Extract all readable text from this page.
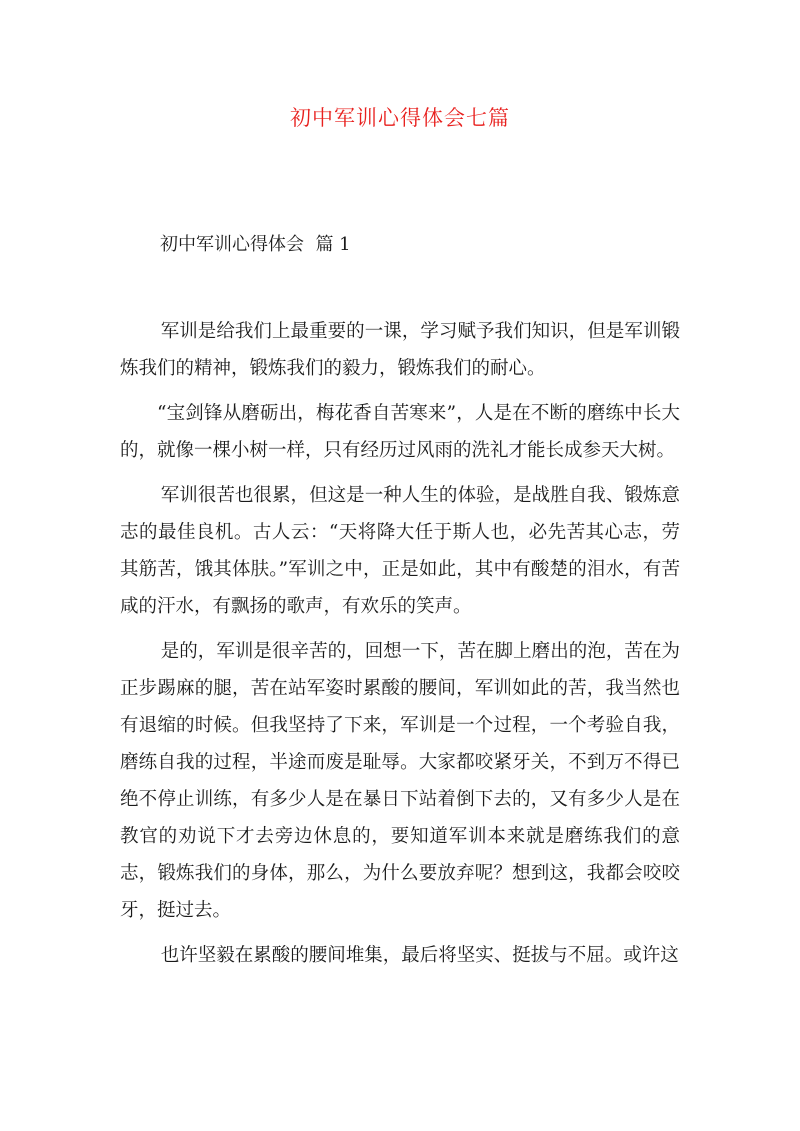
初中军训心得体会七篇
初中军训心得体会  篇 1

军训是给我们上最重要的一课，学习赋予我们知识，但是军训锻炼我们的精神，锻炼我们的毅力，锻炼我们的耐心。

“宝剑锋从磨砺出，梅花香自苦寒来”，人是在不断的磨练中长大的，就像一棵小树一样，只有经历过风雨的洗礼才能长成参天大树。

军训很苦也很累，但这是一种人生的体验，是战胜自我、锻炼意志的最佳良机。古人云：“天将降大任于斯人也，必先苦其心志，劳其筋苦，饿其体肤。”军训之中，正是如此，其中有酸楚的泪水，有苦咸的汗水，有飘扬的歌声，有欢乐的笑声。

是的，军训是很辛苦的，回想一下，苦在脚上磨出的泡，苦在为正步踢麻的腿，苦在站军姿时累酸的腰间，军训如此的苦，我当然也有退缩的时候。但我坚持了下来，军训是一个过程，一个考验自我，磨练自我的过程，半途而废是耻辱。大家都咬紧牙关，不到万不得已绝不停止训练，有多少人是在暴日下站着倒下去的，又有多少人是在教官的劝说下才去旁边休息的，要知道军训本来就是磨练我们的意志，锻炼我们的身体，那么，为什么要放弃呢？想到这，我都会咬咬牙，挺过去。

也许坚毅在累酸的腰间堆集，最后将坚实、挺拔与不屈。或许这
